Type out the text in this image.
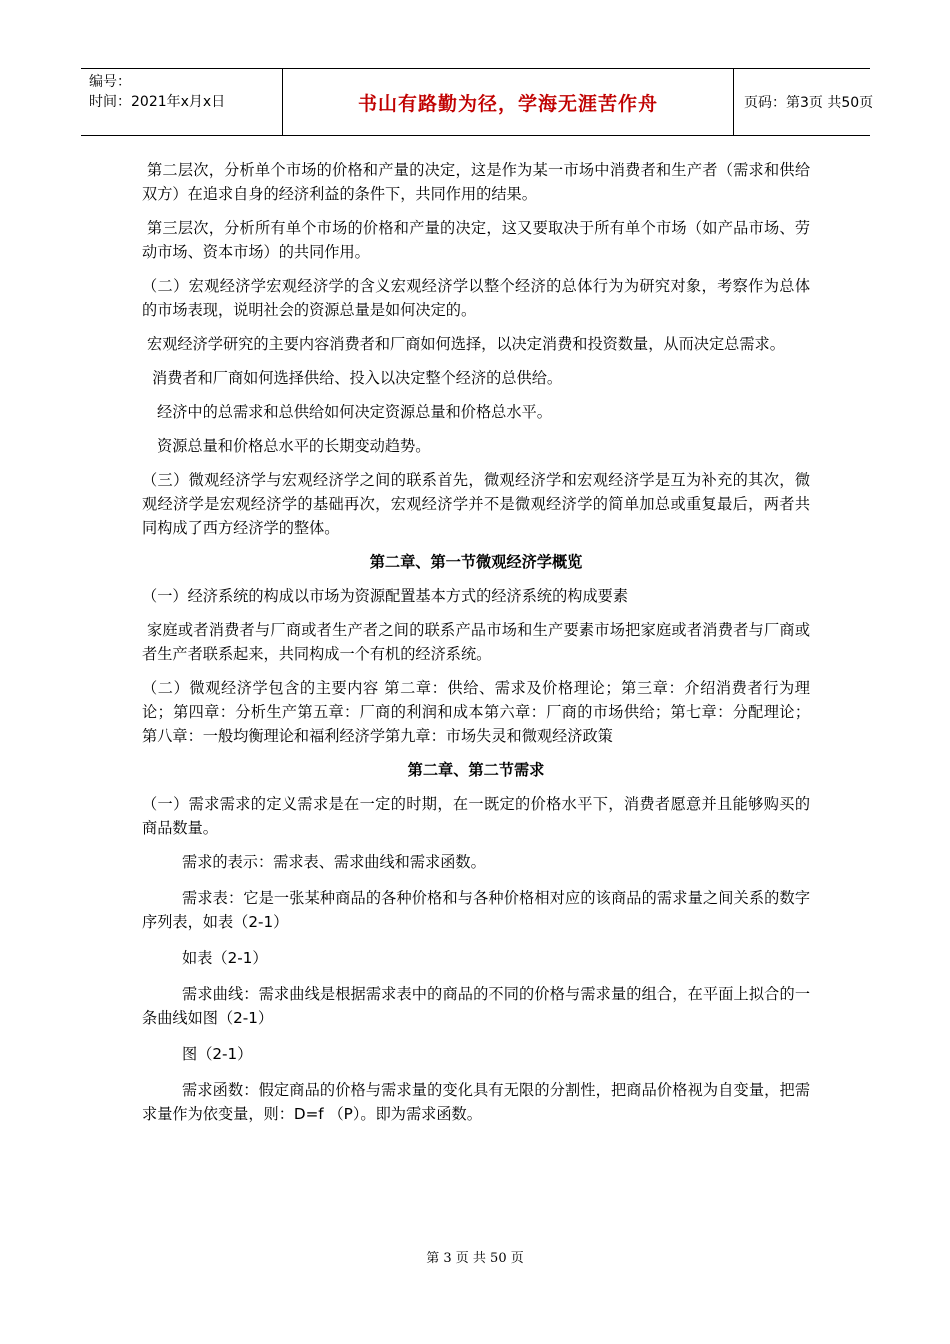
编号：
时间：2021年x月x日	书山有路勤为径，学海无涯苦作舟	页码：第3页 共50页

第二层次，分析单个市场的价格和产量的决定，这是作为某一市场中消费者和生产者（需求和供给双方）在追求自身的经济利益的条件下，共同作用的结果。

第三层次，分析所有单个市场的价格和产量的决定，这又要取决于所有单个市场（如产品市场、劳动市场、资本市场）的共同作用。

（二）宏观经济学宏观经济学的含义宏观经济学以整个经济的总体行为为研究对象，考察作为总体的市场表现，说明社会的资源总量是如何决定的。

宏观经济学研究的主要内容消费者和厂商如何选择，以决定消费和投资数量，从而决定总需求。

消费者和厂商如何选择供给、投入以决定整个经济的总供给。

经济中的总需求和总供给如何决定资源总量和价格总水平。

资源总量和价格总水平的长期变动趋势。

（三）微观经济学与宏观经济学之间的联系首先，微观经济学和宏观经济学是互为补充的其次，微观经济学是宏观经济学的基础再次，宏观经济学并不是微观经济学的简单加总或重复最后，两者共同构成了西方经济学的整体。

第二章、第一节微观经济学概览

（一）经济系统的构成以市场为资源配置基本方式的经济系统的构成要素

家庭或者消费者与厂商或者生产者之间的联系产品市场和生产要素市场把家庭或者消费者与厂商或者生产者联系起来，共同构成一个有机的经济系统。

（二）微观经济学包含的主要内容 第二章：供给、需求及价格理论；第三章：介绍消费者行为理论；第四章：分析生产第五章：厂商的利润和成本第六章：厂商的市场供给；第七章：分配理论；第八章：一般均衡理论和福利经济学第九章：市场失灵和微观经济政策

第二章、第二节需求

（一）需求需求的定义需求是在一定的时期，在一既定的价格水平下，消费者愿意并且能够购买的商品数量。

需求的表示：需求表、需求曲线和需求函数。

需求表：它是一张某种商品的各种价格和与各种价格相对应的该商品的需求量之间关系的数字序列表，如表（2-1）

如表（2-1）

需求曲线：需求曲线是根据需求表中的商品的不同的价格与需求量的组合，在平面上拟合的一条曲线如图（2-1）

图（2-1）

需求函数：假定商品的价格与需求量的变化具有无限的分割性，把商品价格视为自变量，把需求量作为依变量，则：D=f （P）。即为需求函数。

第 3 页 共 50 页
